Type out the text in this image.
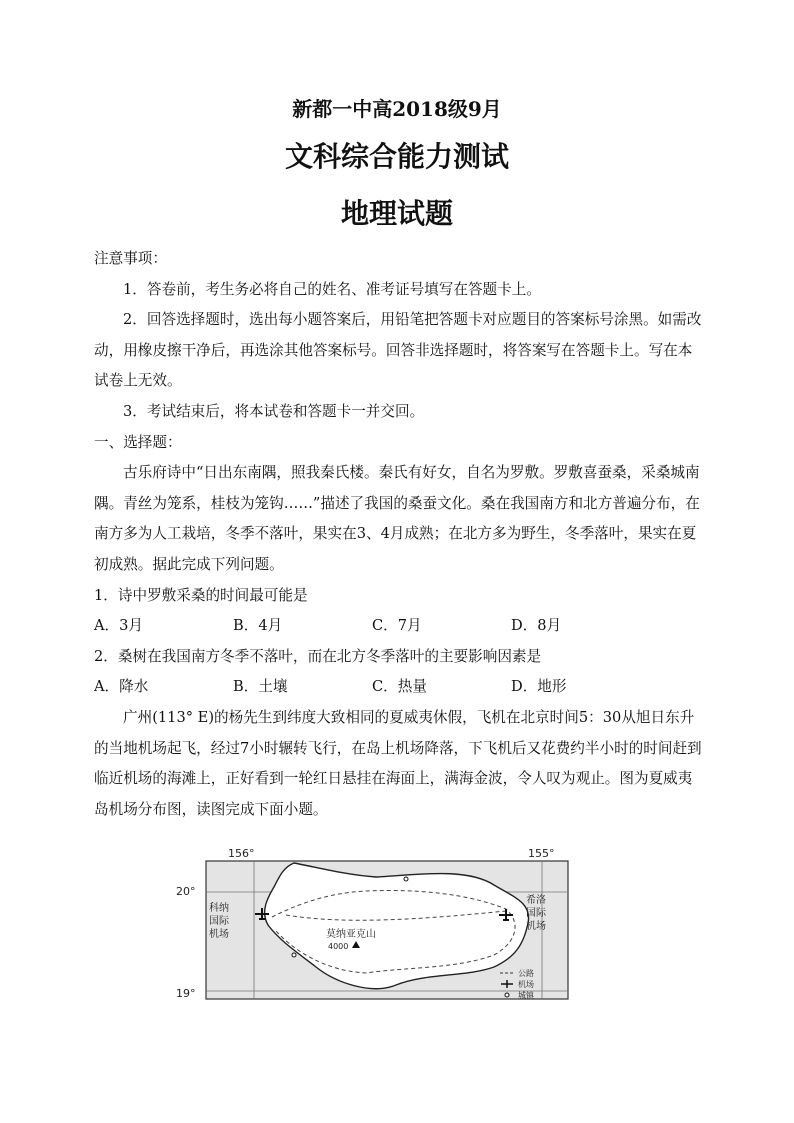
新都一中高2018级9月
文科综合能力测试
地理试题

注意事项：

1．答卷前，考生务必将自己的姓名、准考证号填写在答题卡上。

2．回答选择题时，选出每小题答案后，用铅笔把答题卡对应题目的答案标号涂黑。如需改动，用橡皮擦干净后，再选涂其他答案标号。回答非选择题时，将答案写在答题卡上。写在本试卷上无效。

3．考试结束后，将本试卷和答题卡一并交回。

一、选择题：

古乐府诗中“日出东南隅，照我秦氏楼。秦氏有好女，自名为罗敷。罗敷喜蚕桑，采桑城南隅。青丝为笼系，桂枝为笼钩……”描述了我国的桑蚕文化。桑在我国南方和北方普遍分布，在南方多为人工栽培，冬季不落叶，果实在3、4月成熟；在北方多为野生，冬季落叶，果实在夏初成熟。据此完成下列问题。

1．诗中罗敷采桑的时间最可能是

A．3月	B．4月	C．7月	D．8月

2．桑树在我国南方冬季不落叶，而在北方冬季落叶的主要影响因素是

A．降水	B．土壤	C．热量	D．地形

广州(113° E)的杨先生到纬度大致相同的夏威夷休假，飞机在北京时间5：30从旭日东升的当地机场起飞，经过7小时辗转飞行，在岛上机场降落，下飞机后又花费约半小时的时间赶到临近机场的海滩上，正好看到一轮红日悬挂在海面上，满海金波，令人叹为观止。图为夏威夷岛机场分布图，读图完成下面小题。

156°	155°
20°
19°
科纳
国际
机场
希洛
国际
机场
莫纳亚克山
4000
公路
机场
城镇
